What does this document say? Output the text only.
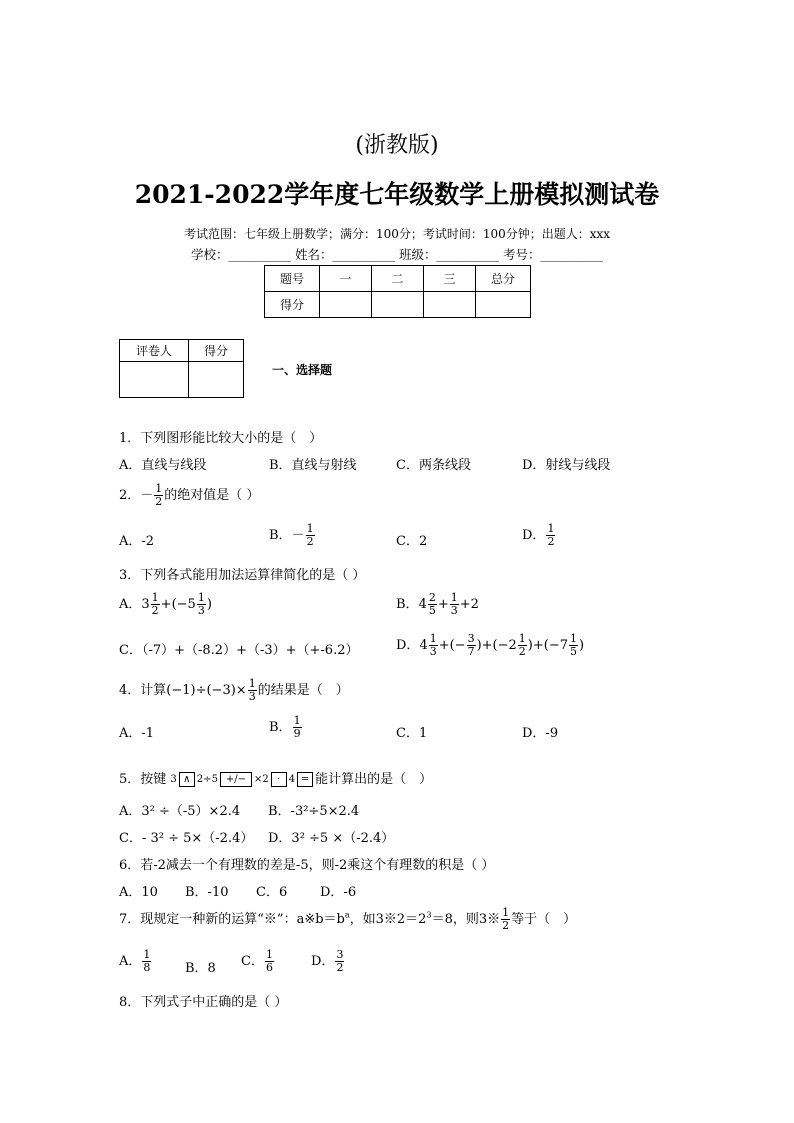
(浙教版)
2021-2022学年度七年级数学上册模拟测试卷
考试范围：七年级上册数学；满分：100分；考试时间：100分钟；出题人：xxx
学校：__________ 姓名：__________ 班级：__________ 考号：__________
题号	一	二	三	总分
得分				
评卷人	得分

一、选择题
1．下列图形能比较大小的是（　）
A．直线与线段	B．直线与射线	C．两条线段	D．射线与线段
2．－ $\frac{1}{2}$ 的绝对值是（ ）
A．-2	B．－ $\frac{1}{2}$	C．2	D． $\frac{1}{2}$
3．下列各式能用加法运算律简化的是（ ）
A．$3 \frac{1}{2} +(-5 \frac{1}{3}$ )	B．$4 \frac{2}{5} + \frac{1}{3} +2$
C．（-7）+（-8.2）+（-3）+（+-6.2）	D．$4 \frac{1}{3}$ +(− $\frac{3}{7} )+(-2 \frac{1}{2} )+(-7 \frac{1}{5}$ )
4．计算$(-1)\div(-3)\times \frac{1}{3}$ 的结果是（　）
A．-1	B． $\frac{1}{9}$	C．1	D．-9
5．按键 3 ∧ 2÷5 +/− ×2 · 4 = 能计算出的是（　）
A．3² ÷（-5）×2.4 B．-3²÷5×2.4
C．- 3² ÷ 5×（-2.4） D．3² ÷5 ×（-2.4）
6．若-2减去一个有理数的差是-5，则-2乘这个有理数的积是（ ）
A．10 B．-10 C．6	D．-6
7．现规定一种新的运算“※”：$a※b=b^a$，如$3※2=2^3=8$，则3※ $\frac{1}{2}$ 等于（　）
A． $\frac{1}{8}$	B．8 C． $\frac{1}{6}$	D． $\frac{3}{2}$
8．下列式子中正确的是（ ）
